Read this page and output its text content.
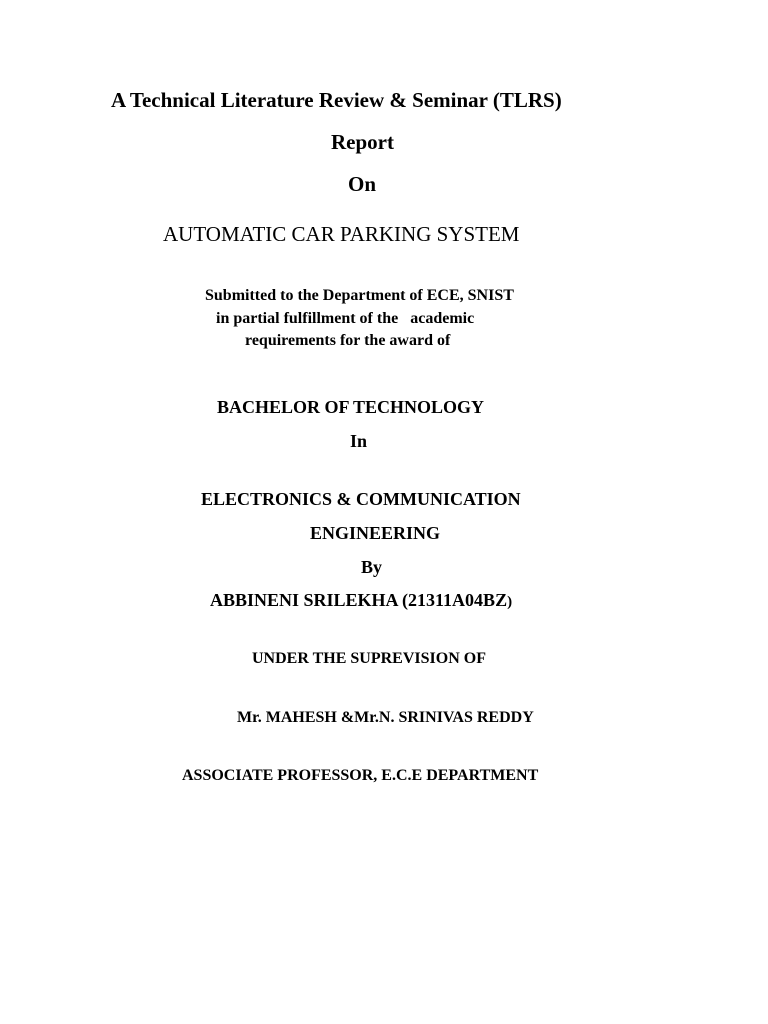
A Technical Literature Review & Seminar (TLRS)
Report
On
AUTOMATIC CAR PARKING SYSTEM
Submitted to the Department of ECE, SNIST
in partial fulfillment of the   academic
requirements for the award of
BACHELOR OF TECHNOLOGY
In
ELECTRONICS & COMMUNICATION
ENGINEERING
By
ABBINENI SRILEKHA (21311A04BZ)
UNDER THE SUPREVISION OF
Mr. MAHESH &Mr.N. SRINIVAS REDDY
ASSOCIATE PROFESSOR, E.C.E DEPARTMENT
